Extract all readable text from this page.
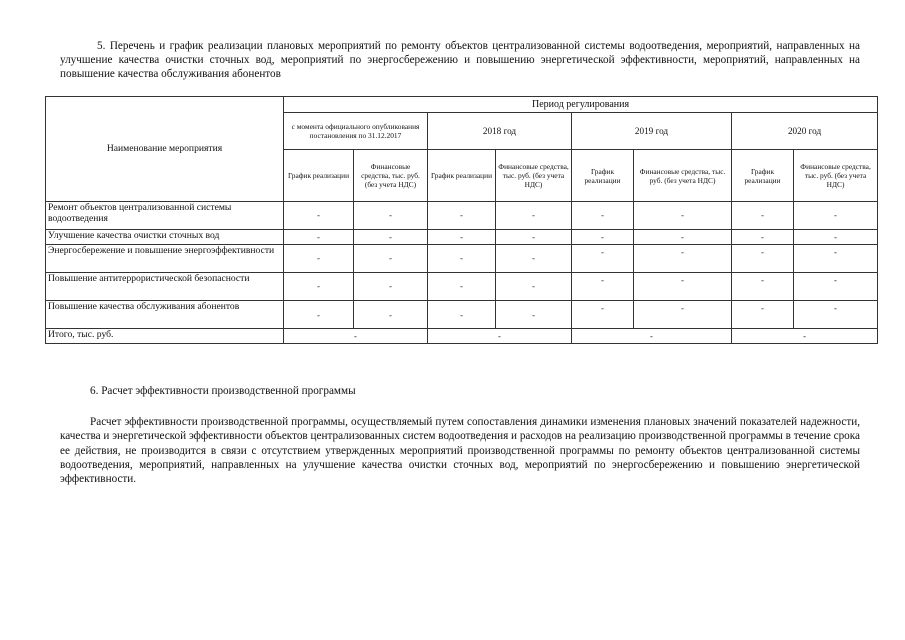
5. Перечень и график реализации плановых мероприятий по ремонту объектов централизованной системы водоотведения, мероприятий, направленных на улучшение качества очистки сточных вод, мероприятий по энергосбережению и повышению энергетической эффективности, мероприятий, направленных на повышение качества обслуживания абонентов

Наименование мероприятия	Период регулирования							
	с момента официального опубликования постановления по 31.12.2017		2018 год		2019 год		2020 год	
	График реализации	Финансовые средства, тыс. руб. (без учета НДС)	График реализации	Финансовые средства, тыс. руб. (без учета НДС)	График реализации	Финансовые средства, тыс. руб. (без учета НДС)	График реализации	Финансовые средства, тыс. руб. (без учета НДС)
Ремонт объектов централизованной системы водоотведения	-	-	-	-	-	-	-	-
Улучшение качества очистки сточных вод	-	-	-	-	-	-	-	-
Энергосбережение и повышение энергоэффективности	-	-	-	-	-	-	-	-
Повышение антитеррористической безопасности	-	-	-	-	-	-	-	-
Повышение качества обслуживания абонентов	-	-	-	-	-	-	-	-
Итого, тыс. руб.	-		-		-		-	

6. Расчет эффективности производственной программы

Расчет эффективности производственной программы, осуществляемый путем сопоставления динамики изменения плановых значений показателей надежности, качества и энергетической эффективности объектов централизованных систем водоотведения и расходов на реализацию производственной программы в течение срока ее действия, не производится в связи с отсутствием утвержденных мероприятий производственной программы по ремонту объектов централизованной системы водоотведения, мероприятий, направленных на улучшение качества очистки сточных вод, мероприятий по энергосбережению и повышению энергетической эффективности.
